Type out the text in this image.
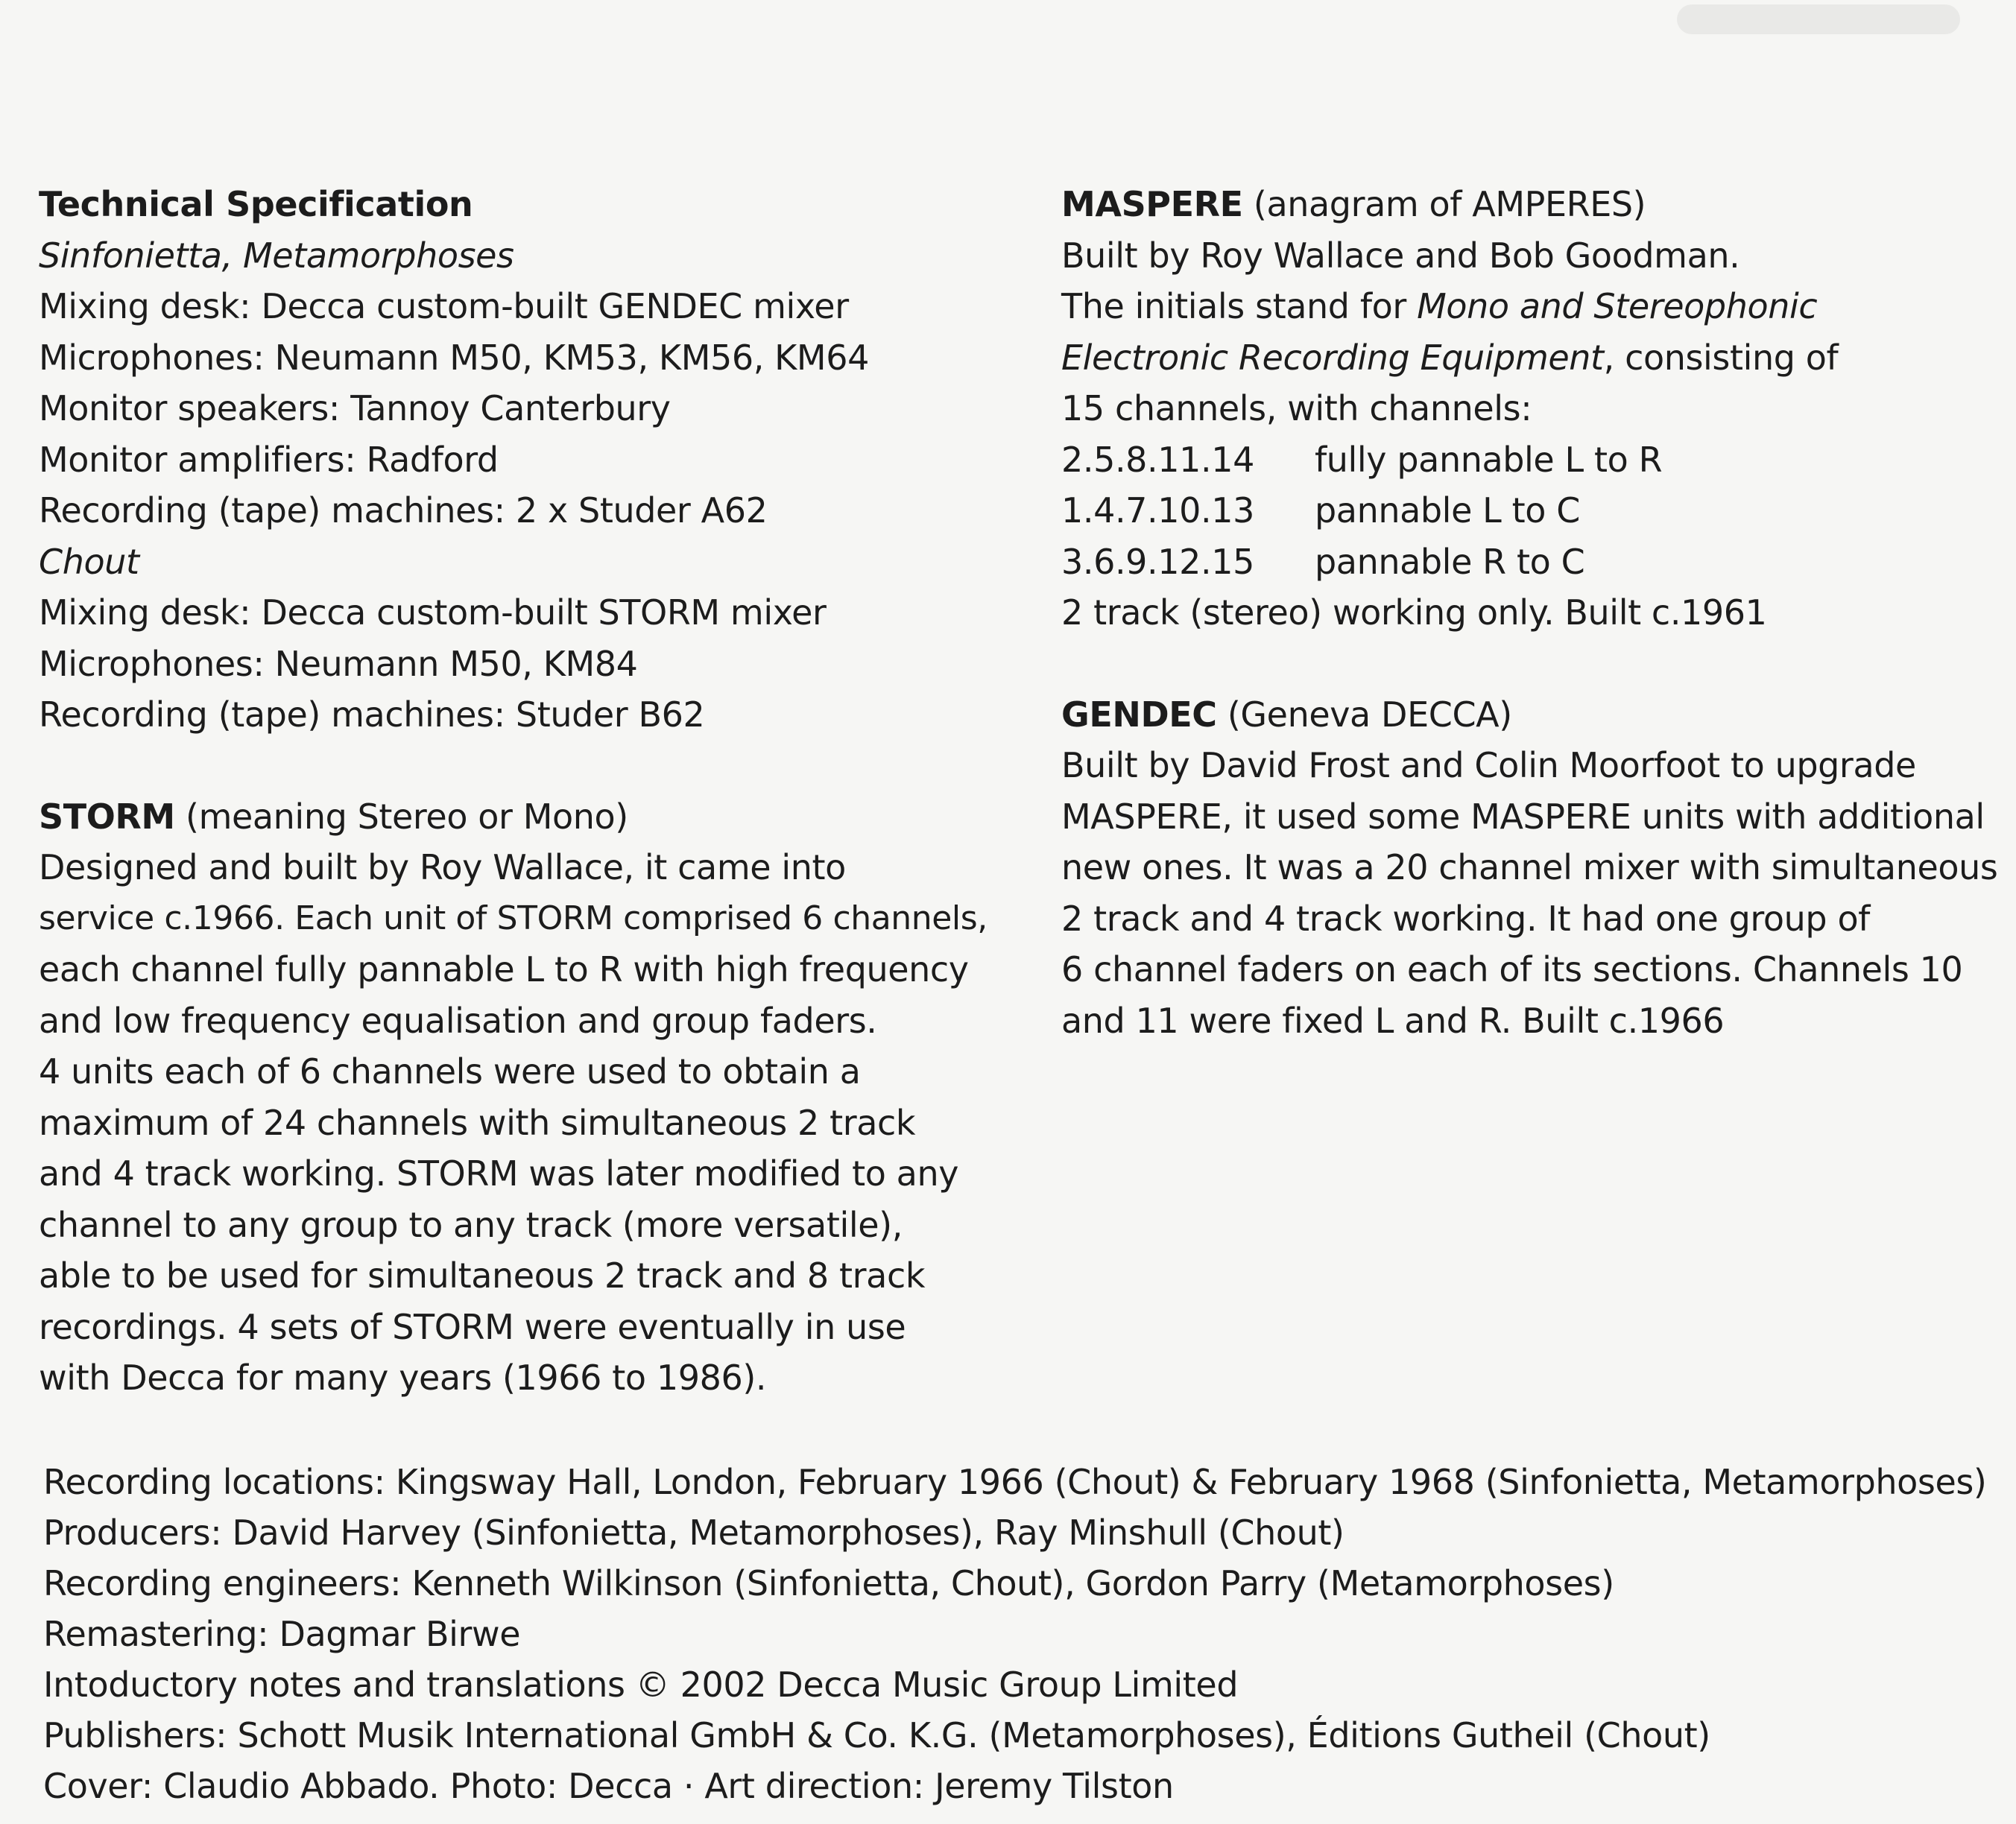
Technical Specification
Sinfonietta, Metamorphoses
Mixing desk: Decca custom-built GENDEC mixer
Microphones: Neumann M50, KM53, KM56, KM64
Monitor speakers: Tannoy Canterbury
Monitor amplifiers: Radford
Recording (tape) machines: 2 x Studer A62
Chout
Mixing desk: Decca custom-built STORM mixer
Microphones: Neumann M50, KM84
Recording (tape) machines: Studer B62
STORM (meaning Stereo or Mono)
Designed and built by Roy Wallace, it came into
service c.1966. Each unit of STORM comprised 6 channels,
each channel fully pannable L to R with high frequency
and low frequency equalisation and group faders.
4 units each of 6 channels were used to obtain a
maximum of 24 channels with simultaneous 2 track
and 4 track working. STORM was later modified to any
channel to any group to any track (more versatile),
able to be used for simultaneous 2 track and 8 track
recordings. 4 sets of STORM were eventually in use
with Decca for many years (1966 to 1986).
MASPERE (anagram of AMPERES)
Built by Roy Wallace and Bob Goodman.
The initials stand for Mono and Stereophonic
Electronic Recording Equipment, consisting of
15 channels, with channels:
2.5.8.11.14 fully pannable L to R
1.4.7.10.13 pannable L to C
3.6.9.12.15 pannable R to C
2 track (stereo) working only. Built c.1961
GENDEC (Geneva DECCA)
Built by David Frost and Colin Moorfoot to upgrade
MASPERE, it used some MASPERE units with additional
new ones. It was a 20 channel mixer with simultaneous
2 track and 4 track working. It had one group of
6 channel faders on each of its sections. Channels 10
and 11 were fixed L and R. Built c.1966
Recording locations: Kingsway Hall, London, February 1966 (Chout) & February 1968 (Sinfonietta, Metamorphoses)
Producers: David Harvey (Sinfonietta, Metamorphoses), Ray Minshull (Chout)
Recording engineers: Kenneth Wilkinson (Sinfonietta, Chout), Gordon Parry (Metamorphoses)
Remastering: Dagmar Birwe
Intoductory notes and translations © 2002 Decca Music Group Limited
Publishers: Schott Musik International GmbH & Co. K.G. (Metamorphoses), Éditions Gutheil (Chout)
Cover: Claudio Abbado. Photo: Decca · Art direction: Jeremy Tilston
